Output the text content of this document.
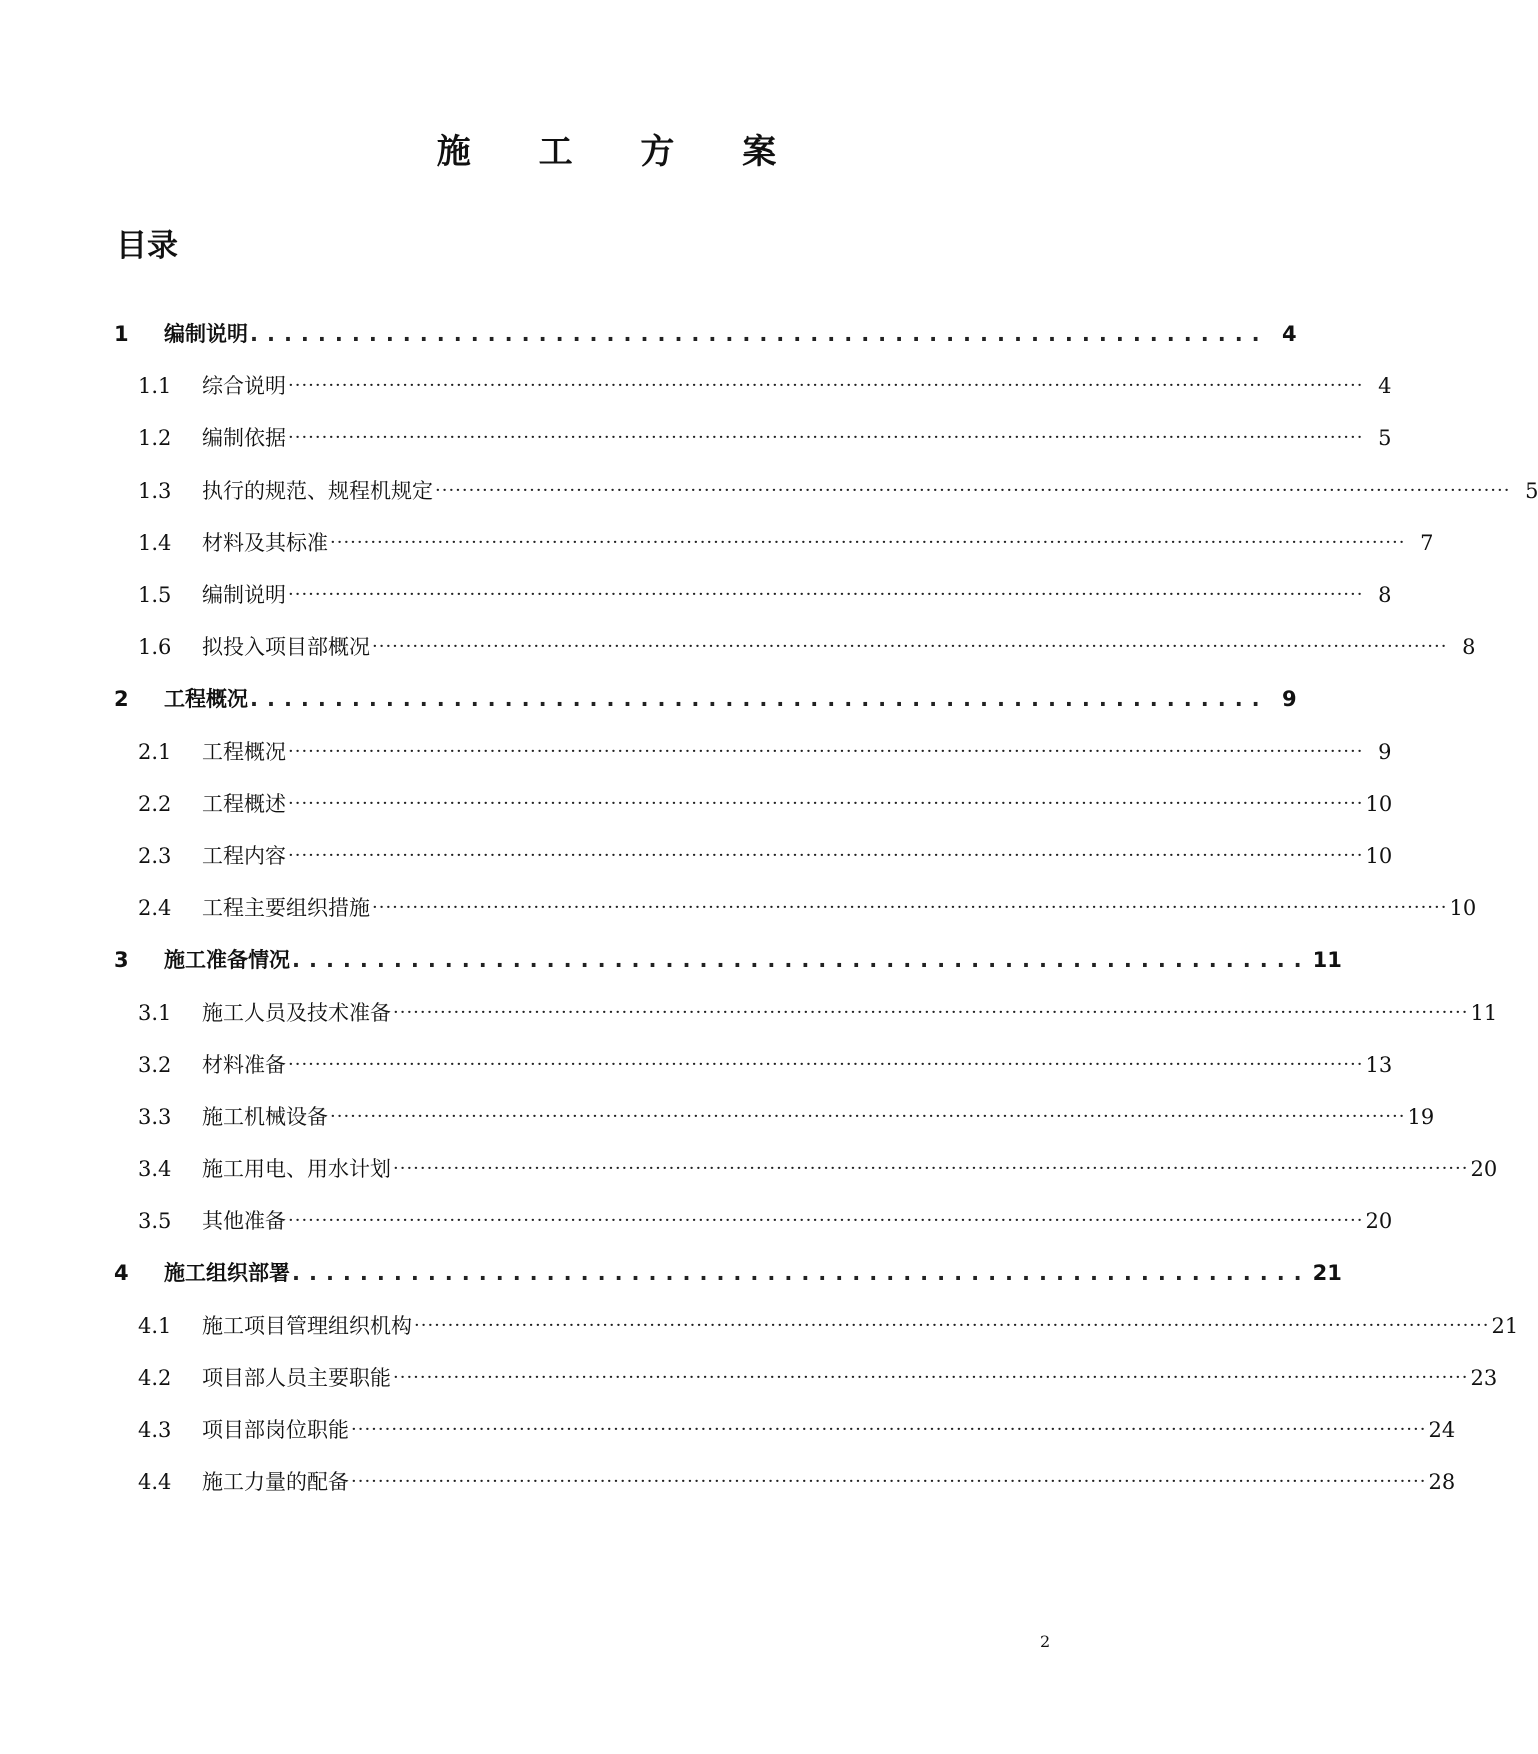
施 工 方 案
目录
1	编制说明 ............................................................ 4
1.1	综合说明 ································································································································································ 4
1.2	编制依据 ································································································································································ 5
1.3	执行的规范、规程机规定 ································································································································································ 5
1.4	材料及其标准 ································································································································································ 7
1.5	编制说明 ································································································································································ 8
1.6	拟投入项目部概况 ································································································································································ 8
2	工程概况 ............................................................ 9
2.1	工程概况 ································································································································································ 9
2.2	工程概述 ································································································································································ 10
2.3	工程内容 ································································································································································ 10
2.4	工程主要组织措施 ································································································································································ 10
3	施工准备情况 ............................................................ 11
3.1	施工人员及技术准备 ································································································································································ 11
3.2	材料准备 ································································································································································ 13
3.3	施工机械设备 ································································································································································ 19
3.4	施工用电、用水计划 ································································································································································ 20
3.5	其他准备 ································································································································································ 20
4	施工组织部署 ............................................................ 21
4.1	施工项目管理组织机构 ································································································································································ 21
4.2	项目部人员主要职能 ································································································································································ 23
4.3	项目部岗位职能 ································································································································································ 24
4.4	施工力量的配备 ································································································································································ 28
2
